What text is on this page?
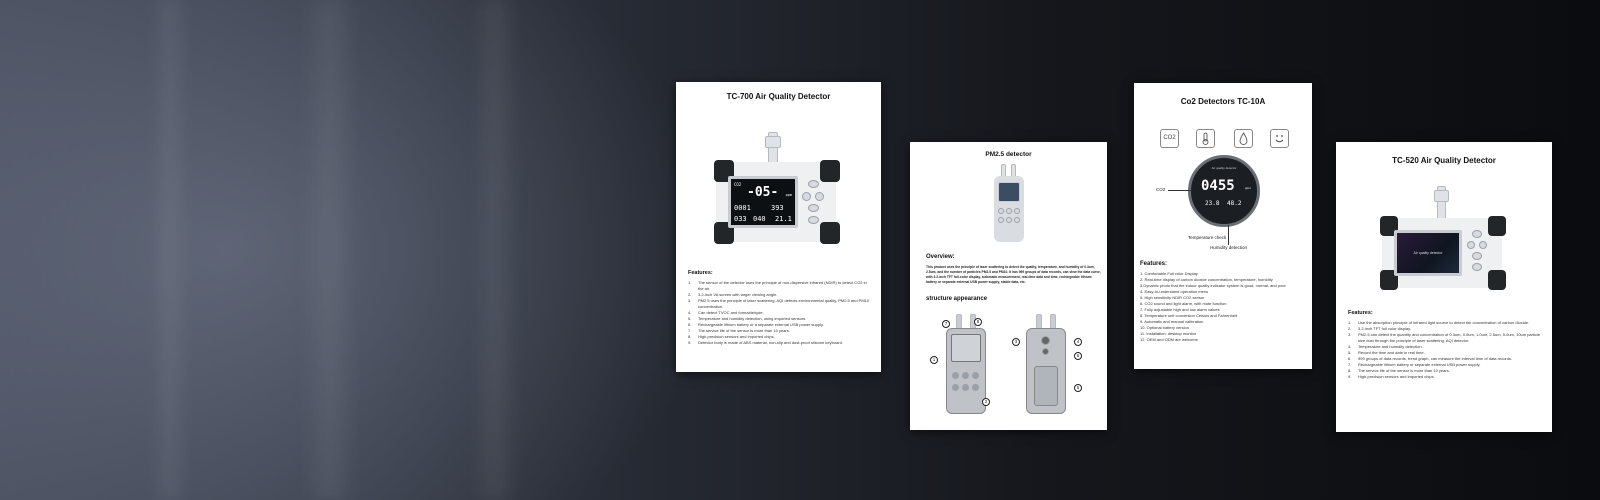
TC-700 Air Quality Detector
CO2
-05- ppm
0001	393
033 040 21.1
Features:
1.	The sensor of the detector uses the principle of non-dispersive infrared (NDIR) to detect CO2 in the air.
2.	3.2-inch VA screen with larger viewing angle.
3.	PM2.5 uses the principle of laser scattering, AQI detects environmental quality, PM2.5 and PM10 concentration.
4.	Can detect TVOC and formaldehyde.
5.	Temperature and humidity detection, using imported sensors.
6.	Rechargeable lithium battery or a separate external USB power supply.
7.	The service life of the sensor is more than 10 years.
8.	High-precision sensors and imported chips.
9.	Detector body is made of ABS material, non-slip and dust-proof silicone keyboard.
PM2.5 detector
Overview:
This product uses the principle of laser scattering to detect the quality, temperature, and humidity of 0.3um, 2.5um, and the number of particles PM2.5 and PM10. It has 999 groups of data records, can view the data curve, with 3.2-inch TFT full-color display, automatic measurement, real-time data and time, rechargeable lithium battery or separate external USB power supply, stable data, etc.
structure appearance
7	8
1
2
3	4
6
5
Co2 Detectors TC-10A
CO2
Air quality detector
0455	ppm
23.8 48.2
CO2
Temperature check
Humidity detection
Features:
1. Comfortable Full color Display
2. Real-time display of carbon dioxide concentration, temperature, humidity
3.Dynamic photo that the indoor quality indicator system is good, normal, and poor
4. Easy-to-understand operation menu
5. High sensitivity NDIR CO2 sensor
6. CO2 sound and light alarm, with mute function
7. Fully adjustable high and low alarm values
8. Temperature unit conversion Celsius and Fahrenheit
9. Automatic and manual calibration
10. Optional battery version
11. Installation: desktop monitor
12. OEM and ODM are welcome
TC-520 Air Quality Detector
Air quality detector
Features:
1.	Use the absorption principle of infrared light source to detect the concentration of carbon dioxide.
2.	3.2-inch TFT full color display.
3.	PM2.5 can detect the quantity and concentration of 0.3um, 0.5um, 1.0um, 2.5um, 5.0um, 10um particle size dust through the principle of laser scattering, AQI detector.
4.	Temperature and humidity detection.
5.	Record the time and date in real time.
6.	999 groups of data records, trend graph, can measure the interval time of data records.
7.	Rechargeable lithium battery or separate external USB power supply.
8.	The service life of the sensor is more than 10 years.
9.	High-precision sensors and imported chips.
